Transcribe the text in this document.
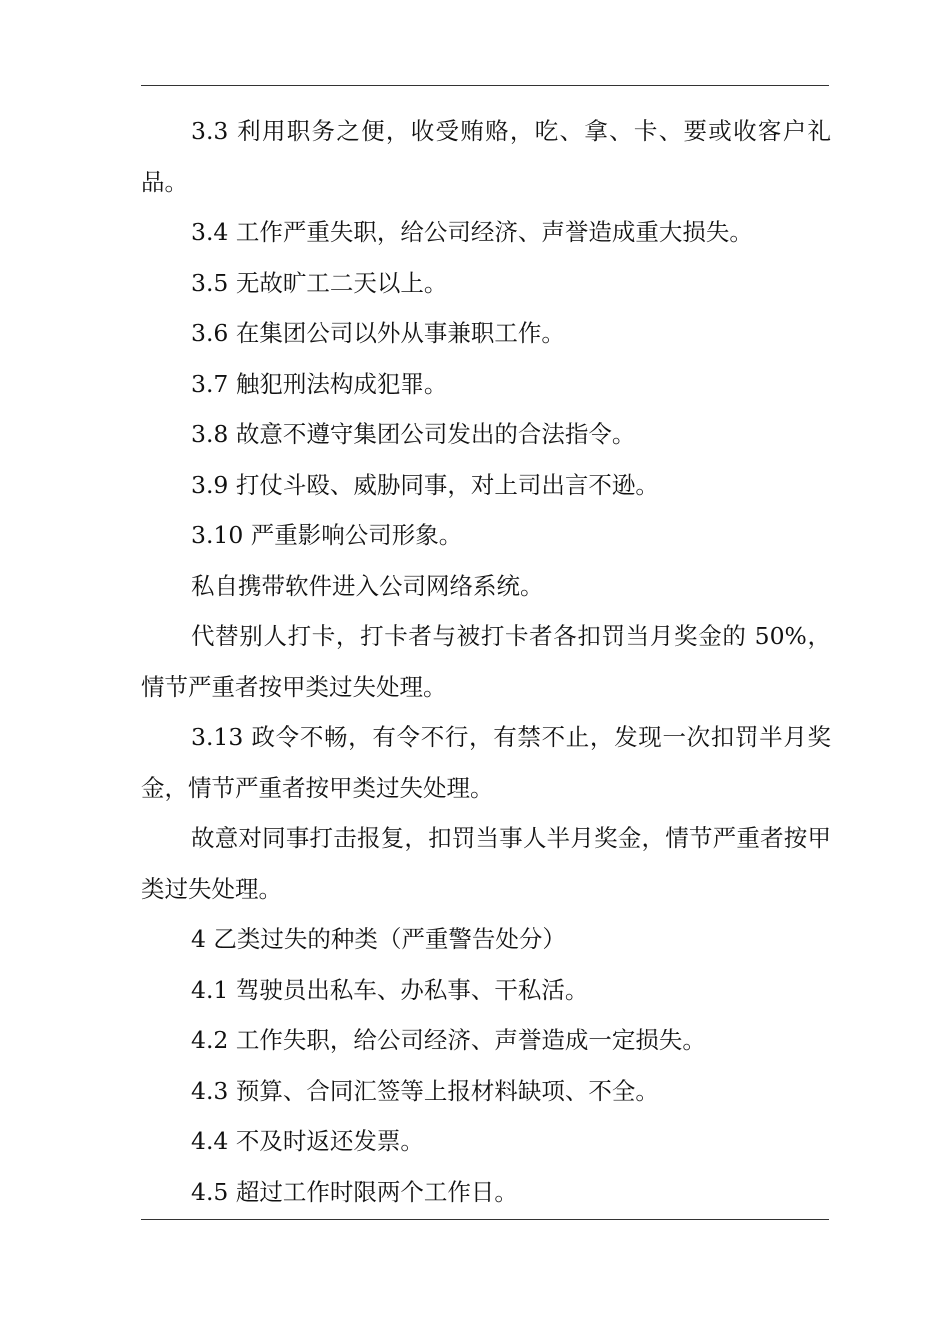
3.3 利用职务之便，收受贿赂，吃、拿、卡、要或收客户礼品。

3.4 工作严重失职，给公司经济、声誉造成重大损失。

3.5 无故旷工二天以上。

3.6 在集团公司以外从事兼职工作。

3.7 触犯刑法构成犯罪。

3.8 故意不遵守集团公司发出的合法指令。

3.9 打仗斗殴、威胁同事，对上司出言不逊。

3.10 严重影响公司形象。

私自携带软件进入公司网络系统。

代替别人打卡，打卡者与被打卡者各扣罚当月奖金的 50%，情节严重者按甲类过失处理。

3.13 政令不畅，有令不行，有禁不止，发现一次扣罚半月奖金，情节严重者按甲类过失处理。

故意对同事打击报复，扣罚当事人半月奖金，情节严重者按甲类过失处理。

4 乙类过失的种类（严重警告处分）

4.1 驾驶员出私车、办私事、干私活。

4.2 工作失职，给公司经济、声誉造成一定损失。

4.3 预算、合同汇签等上报材料缺项、不全。

4.4 不及时返还发票。

4.5 超过工作时限两个工作日。
